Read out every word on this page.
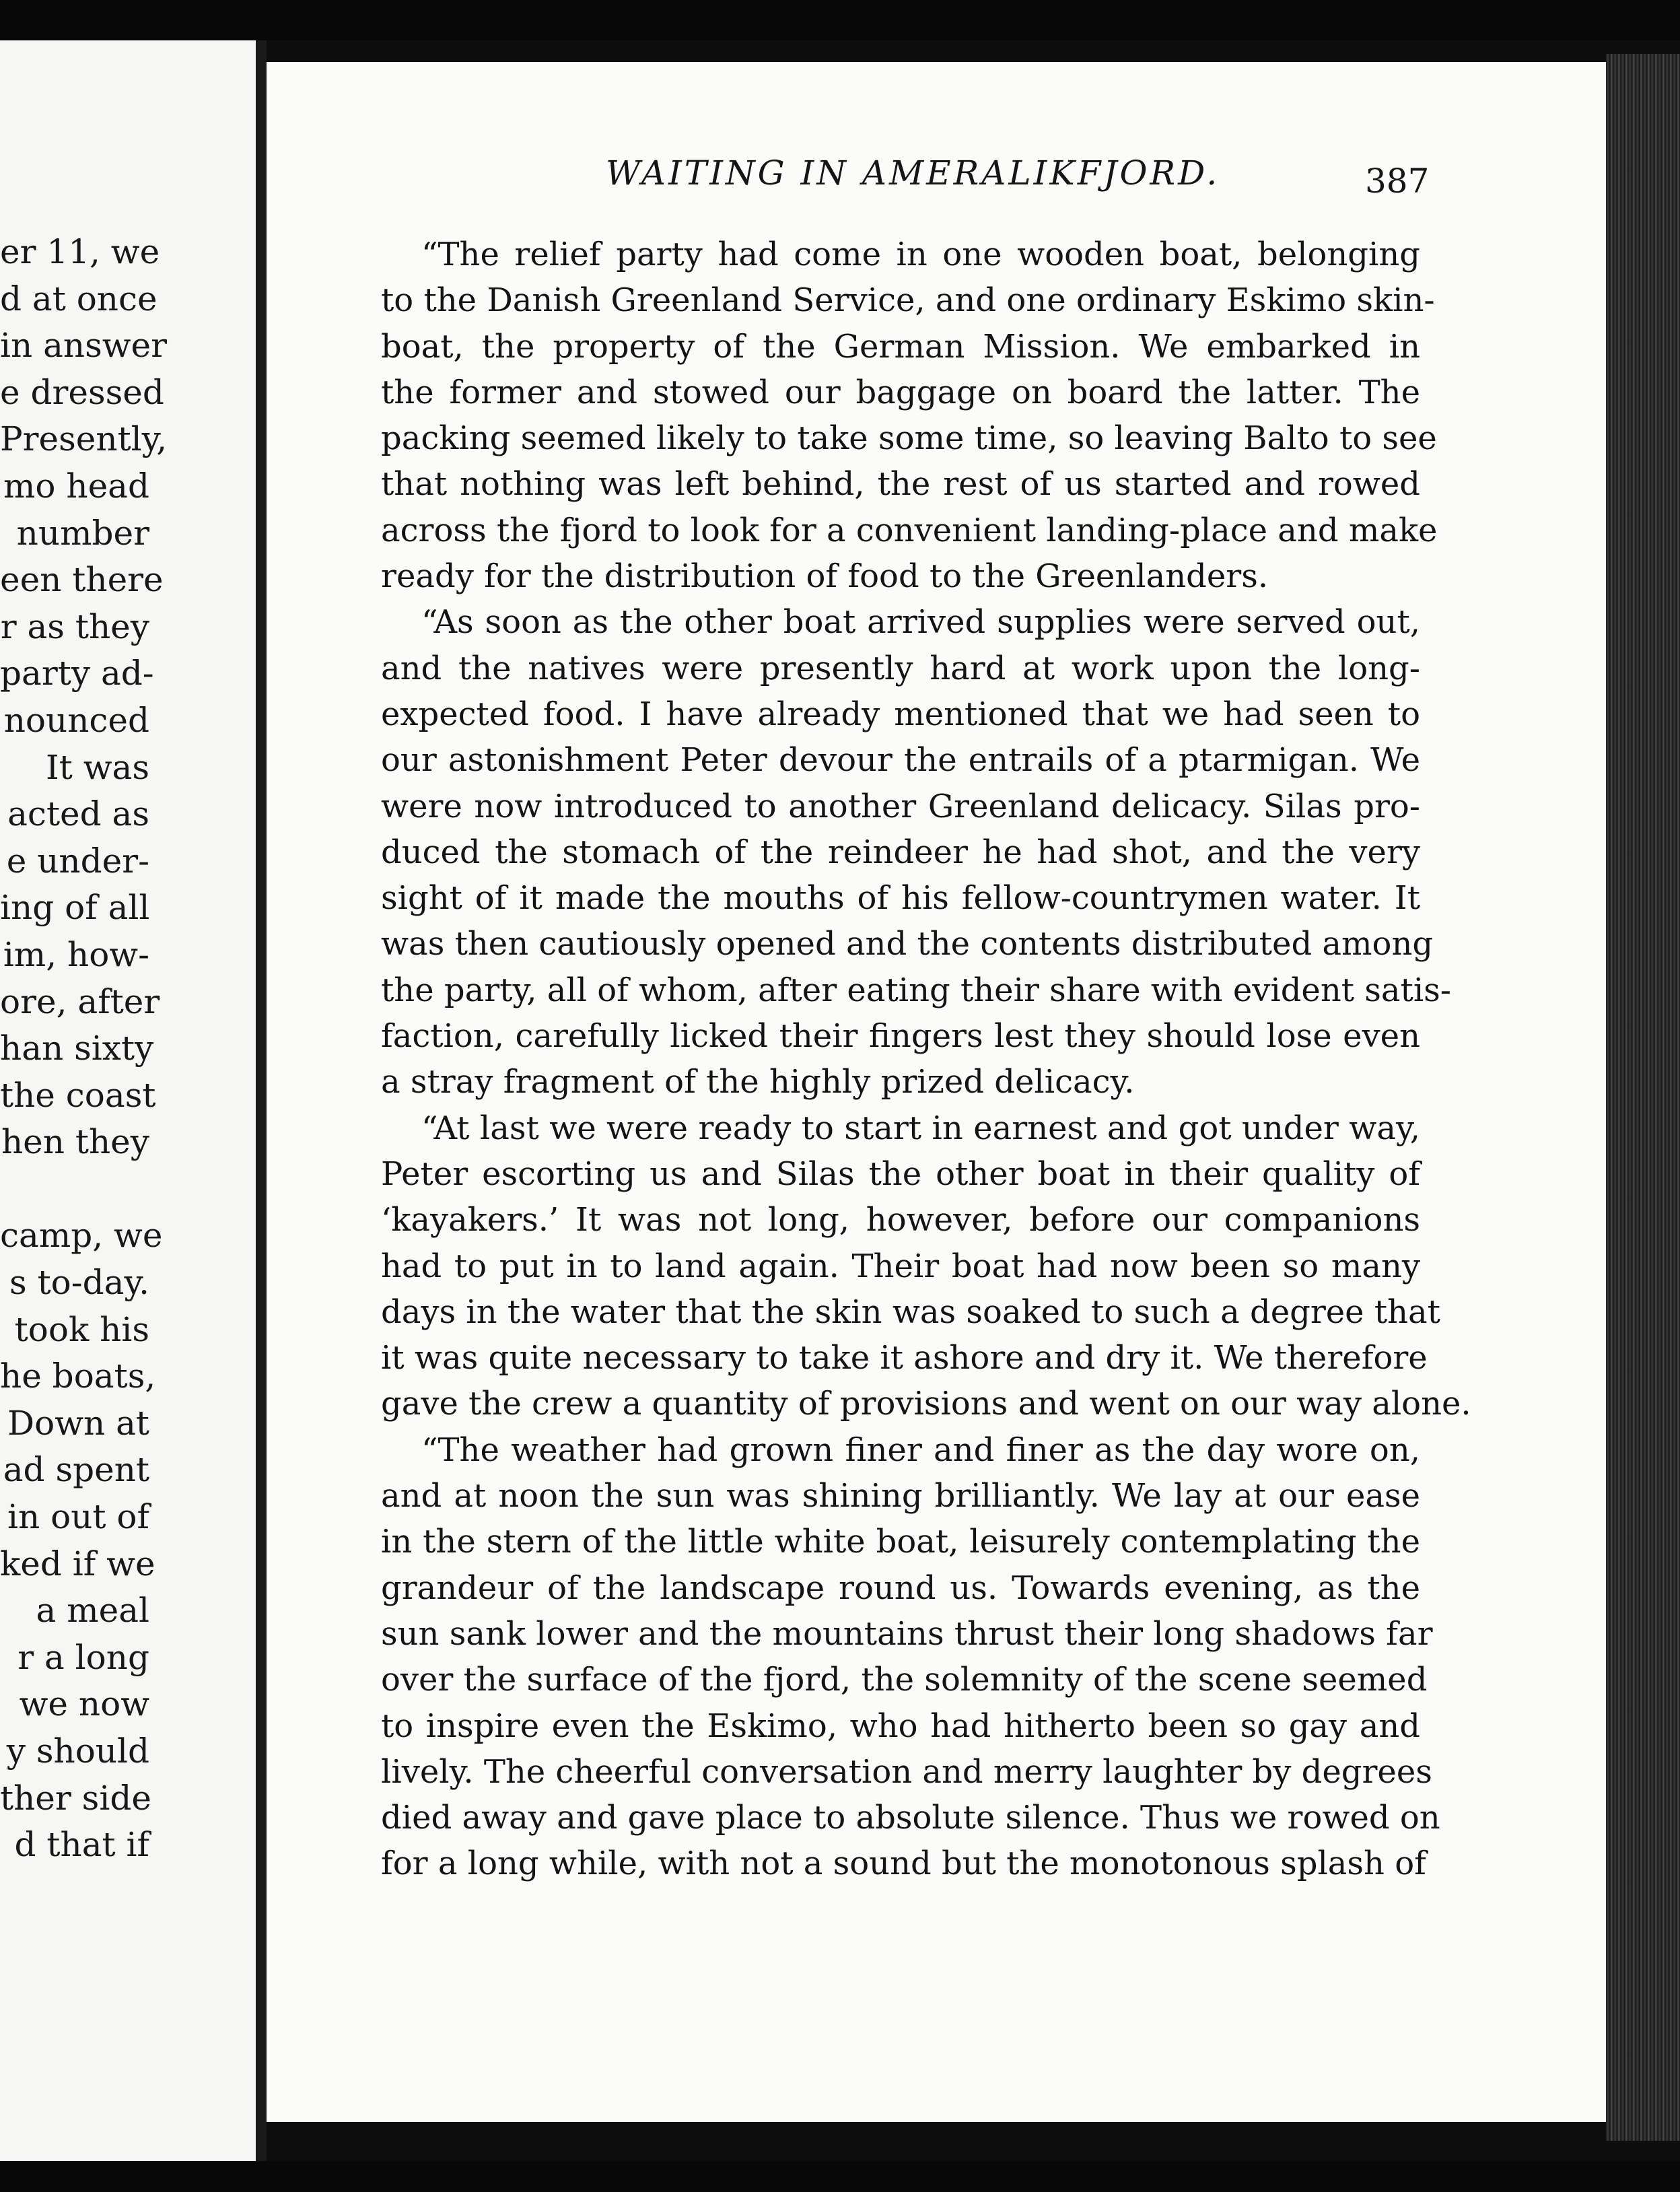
er 11, we
d at once
in answer
e dressed
Presently,
mo head
number
een there
r as they
party ad-
nounced
It was
acted as
e under-
ing of all
im, how-
ore, after
han sixty
the coast
hen they
camp, we
s to-day.
took his
he boats,
Down at
ad spent
in out of
ked if we
a meal
r a long
we now
y should
ther side
d that if
WAITING IN AMERALIKFJORD.	387
“The relief party had come in one wooden boat, belonging
to the Danish Greenland Service, and one ordinary Eskimo skin-
boat, the property of the German Mission. We embarked in
the former and stowed our baggage on board the latter. The
packing seemed likely to take some time, so leaving Balto to see
that nothing was left behind, the rest of us started and rowed
across the fjord to look for a convenient landing-place and make
ready for the distribution of food to the Greenlanders.
“As soon as the other boat arrived supplies were served out,
and the natives were presently hard at work upon the long-
expected food. I have already mentioned that we had seen to
our astonishment Peter devour the entrails of a ptarmigan. We
were now introduced to another Greenland delicacy. Silas pro-
duced the stomach of the reindeer he had shot, and the very
sight of it made the mouths of his fellow-countrymen water. It
was then cautiously opened and the contents distributed among
the party, all of whom, after eating their share with evident satis-
faction, carefully licked their fingers lest they should lose even
a stray fragment of the highly prized delicacy.
“At last we were ready to start in earnest and got under way,
Peter escorting us and Silas the other boat in their quality of
‘kayakers.’ It was not long, however, before our companions
had to put in to land again. Their boat had now been so many
days in the water that the skin was soaked to such a degree that
it was quite necessary to take it ashore and dry it. We therefore
gave the crew a quantity of provisions and went on our way alone.
“The weather had grown finer and finer as the day wore on,
and at noon the sun was shining brilliantly. We lay at our ease
in the stern of the little white boat, leisurely contemplating the
grandeur of the landscape round us. Towards evening, as the
sun sank lower and the mountains thrust their long shadows far
over the surface of the fjord, the solemnity of the scene seemed
to inspire even the Eskimo, who had hitherto been so gay and
lively. The cheerful conversation and merry laughter by degrees
died away and gave place to absolute silence. Thus we rowed on
for a long while, with not a sound but the monotonous splash of
